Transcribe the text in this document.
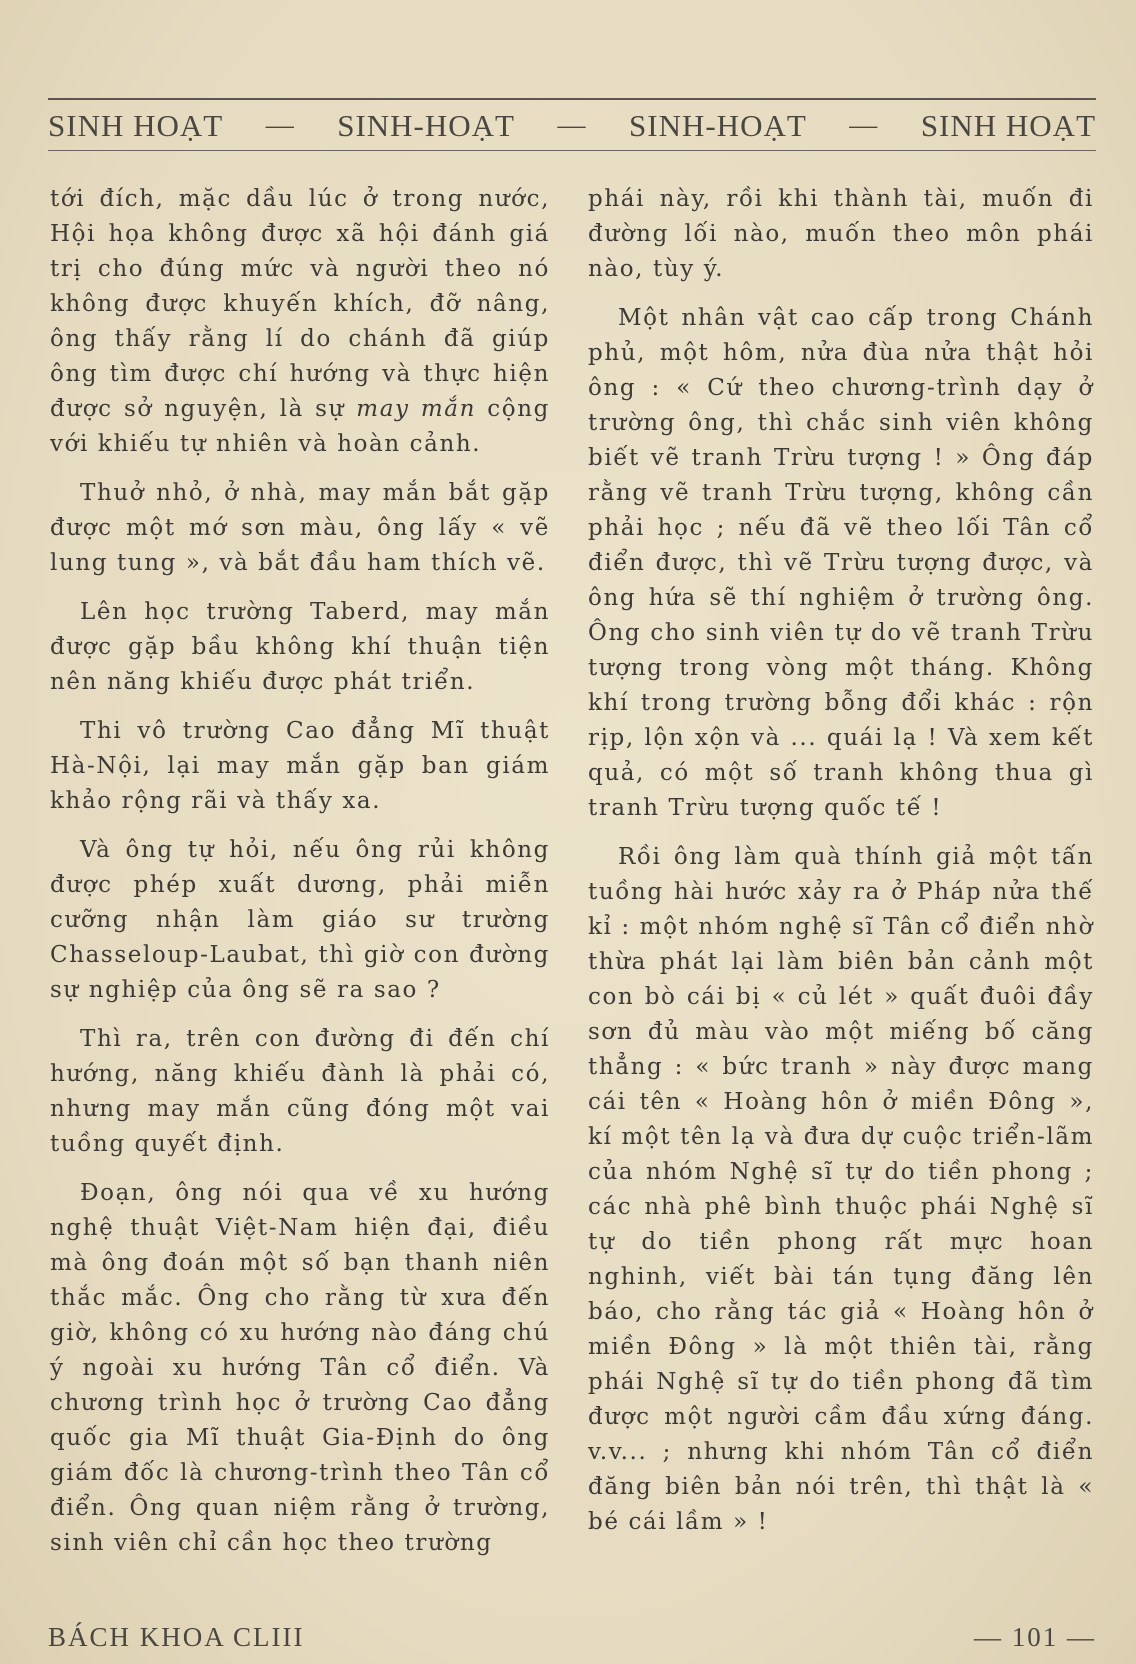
SINH HOẠT — SINH-HOẠT — SINH-HOẠT — SINH HOẠT

tới đích, mặc dầu lúc ở trong nước, Hội họa không được xã hội đánh giá trị cho đúng mức và người theo nó không được khuyến khích, đỡ nâng, ông thấy rằng lí do chánh đã giúp ông tìm được chí hướng và thực hiện được sở nguyện, là sự may mắn cộng với khiếu tự nhiên và hoàn cảnh.

Thuở nhỏ, ở nhà, may mắn bắt gặp được một mớ sơn màu, ông lấy « vẽ lung tung », và bắt đầu ham thích vẽ.

Lên học trường Taberd, may mắn được gặp bầu không khí thuận tiện nên năng khiếu được phát triển.

Thi vô trường Cao đẳng Mĩ thuật Hà-Nội, lại may mắn gặp ban giám khảo rộng rãi và thấy xa.

Và ông tự hỏi, nếu ông rủi không được phép xuất dương, phải miễn cưỡng nhận làm giáo sư trường Chasseloup-Laubat, thì giờ con đường sự nghiệp của ông sẽ ra sao ?

Thì ra, trên con đường đi đến chí hướng, năng khiếu đành là phải có, nhưng may mắn cũng đóng một vai tuồng quyết định.

Đoạn, ông nói qua về xu hướng nghệ thuật Việt-Nam hiện đại, điều mà ông đoán một số bạn thanh niên thắc mắc. Ông cho rằng từ xưa đến giờ, không có xu hướng nào đáng chú ý ngoài xu hướng Tân cổ điển. Và chương trình học ở trường Cao đẳng quốc gia Mĩ thuật Gia-Định do ông giám đốc là chương-trình theo Tân cổ điển. Ông quan niệm rằng ở trường, sinh viên chỉ cần học theo trường

phái này, rồi khi thành tài, muốn đi đường lối nào, muốn theo môn phái nào, tùy ý.

Một nhân vật cao cấp trong Chánh phủ, một hôm, nửa đùa nửa thật hỏi ông : « Cứ theo chương-trình dạy ở trường ông, thì chắc sinh viên không biết vẽ tranh Trừu tượng ! » Ông đáp rằng vẽ tranh Trừu tượng, không cần phải học ; nếu đã vẽ theo lối Tân cổ điển được, thì vẽ Trừu tượng được, và ông hứa sẽ thí nghiệm ở trường ông. Ông cho sinh viên tự do vẽ tranh Trừu tượng trong vòng một tháng. Không khí trong trường bỗng đổi khác : rộn rịp, lộn xộn và ... quái lạ ! Và xem kết quả, có một số tranh không thua gì tranh Trừu tượng quốc tế !

Rồi ông làm quà thính giả một tấn tuồng hài hước xảy ra ở Pháp nửa thế kỉ : một nhóm nghệ sĩ Tân cổ điển nhờ thừa phát lại làm biên bản cảnh một con bò cái bị « củ lét » quất đuôi đầy sơn đủ màu vào một miếng bố căng thẳng : « bức tranh » này được mang cái tên « Hoàng hôn ở miền Đông », kí một tên lạ và đưa dự cuộc triển-lãm của nhóm Nghệ sĩ tự do tiền phong ; các nhà phê bình thuộc phái Nghệ sĩ tự do tiền phong rất mực hoan nghinh, viết bài tán tụng đăng lên báo, cho rằng tác giả « Hoàng hôn ở miền Đông » là một thiên tài, rằng phái Nghệ sĩ tự do tiền phong đã tìm được một người cầm đầu xứng đáng. v.v... ; nhưng khi nhóm Tân cổ điển đăng biên bản nói trên, thì thật là « bé cái lầm » !

BÁCH KHOA CLIII	— 101 —
